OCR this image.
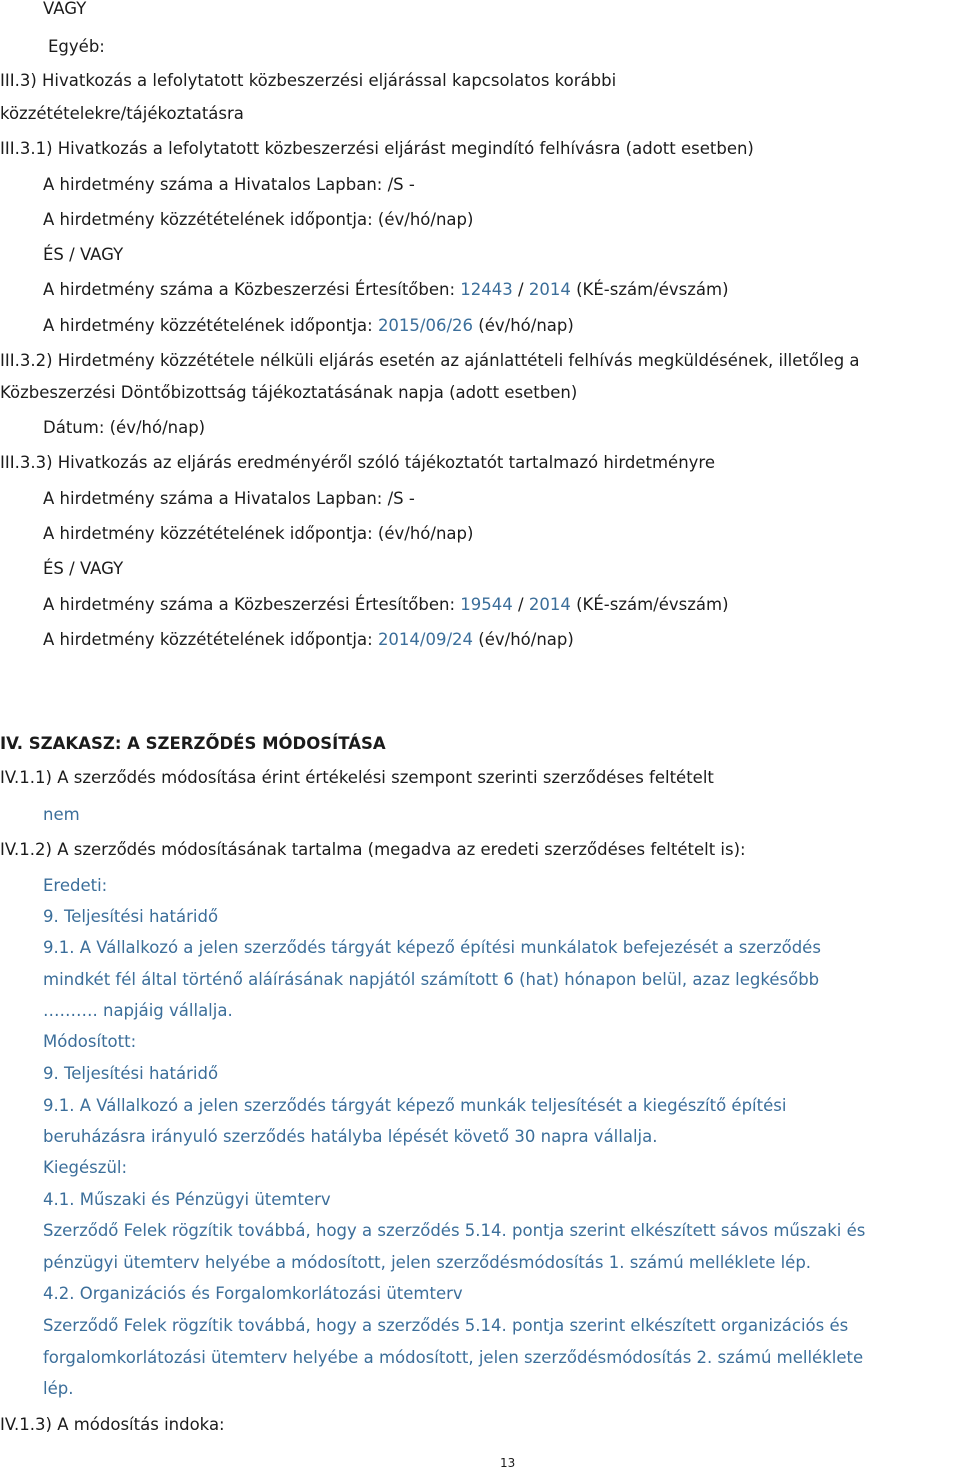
VAGY
Egyéb:
III.3) Hivatkozás a lefolytatott közbeszerzési eljárással kapcsolatos korábbi
közzétételekre/tájékoztatásra
III.3.1) Hivatkozás a lefolytatott közbeszerzési eljárást megindító felhívásra (adott esetben)
A hirdetmény száma a Hivatalos Lapban: /S -
A hirdetmény közzétételének időpontja: (év/hó/nap)
ÉS / VAGY
A hirdetmény száma a Közbeszerzési Értesítőben: 12443 / 2014 (KÉ-szám/évszám)
A hirdetmény közzétételének időpontja: 2015/06/26 (év/hó/nap)
III.3.2) Hirdetmény közzététele nélküli eljárás esetén az ajánlattételi felhívás megküldésének, illetőleg a
Közbeszerzési Döntőbizottság tájékoztatásának napja (adott esetben)
Dátum: (év/hó/nap)
III.3.3) Hivatkozás az eljárás eredményéről szóló tájékoztatót tartalmazó hirdetményre
A hirdetmény száma a Hivatalos Lapban: /S -
A hirdetmény közzétételének időpontja: (év/hó/nap)
ÉS / VAGY
A hirdetmény száma a Közbeszerzési Értesítőben: 19544 / 2014 (KÉ-szám/évszám)
A hirdetmény közzétételének időpontja: 2014/09/24 (év/hó/nap)
IV. SZAKASZ: A SZERZŐDÉS MÓDOSÍTÁSA
IV.1.1) A szerződés módosítása érint értékelési szempont szerinti szerződéses feltételt
nem
IV.1.2) A szerződés módosításának tartalma (megadva az eredeti szerződéses feltételt is):
Eredeti:
9. Teljesítési határidő
9.1. A Vállalkozó a jelen szerződés tárgyát képező építési munkálatok befejezését a szerződés
mindkét fél által történő aláírásának napjától számított 6 (hat) hónapon belül, azaz legkésőbb
………. napjáig vállalja.
Módosított:
9. Teljesítési határidő
9.1. A Vállalkozó a jelen szerződés tárgyát képező munkák teljesítését a kiegészítő építési
beruházásra irányuló szerződés hatályba lépését követő 30 napra vállalja.
Kiegészül:
4.1. Műszaki és Pénzügyi ütemterv
Szerződő Felek rögzítik továbbá, hogy a szerződés 5.14. pontja szerint elkészített sávos műszaki és
pénzügyi ütemterv helyébe a módosított, jelen szerződésmódosítás 1. számú melléklete lép.
4.2. Organizációs és Forgalomkorlátozási ütemterv
Szerződő Felek rögzítik továbbá, hogy a szerződés 5.14. pontja szerint elkészített organizációs és
forgalomkorlátozási ütemterv helyébe a módosított, jelen szerződésmódosítás 2. számú melléklete
lép.
IV.1.3) A módosítás indoka:
13
